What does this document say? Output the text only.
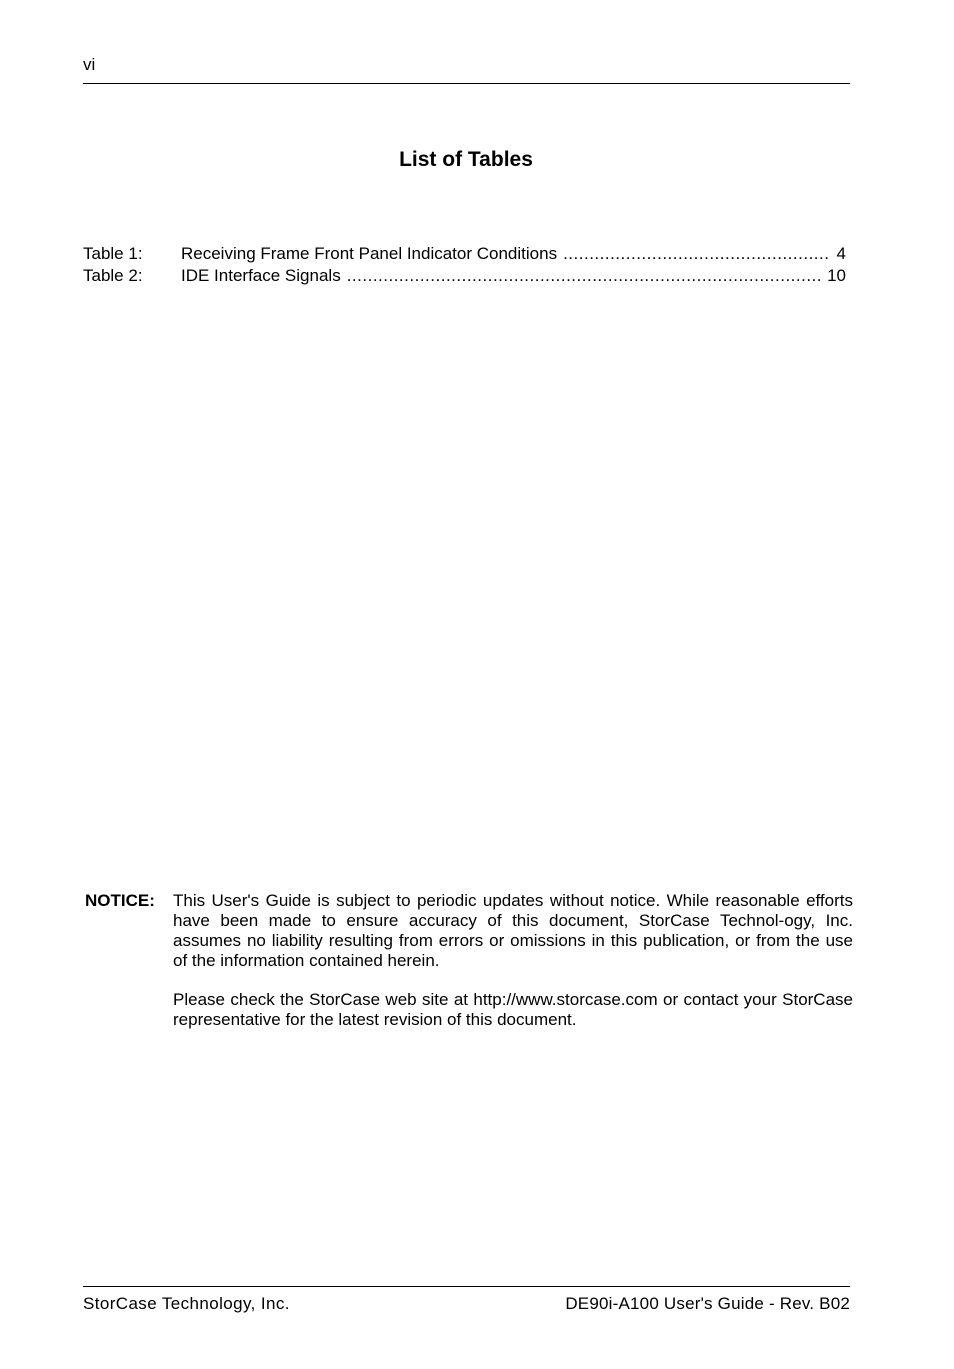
vi
List of Tables
Table 1:	Receiving Frame Front Panel Indicator Conditions .....	4
Table 2:	IDE Interface Signals .....	10
NOTICE:	This User's Guide is subject to periodic updates without notice. While reasonable efforts have been made to ensure accuracy of this document, StorCase Technol-ogy, Inc. assumes no liability resulting from errors or omissions in this publication, or from the use of the information contained herein.

Please check the StorCase web site at http://www.storcase.com or contact your StorCase representative for the latest revision of this document.

StorCase Technology, Inc.	DE90i-A100 User's Guide - Rev. B02
